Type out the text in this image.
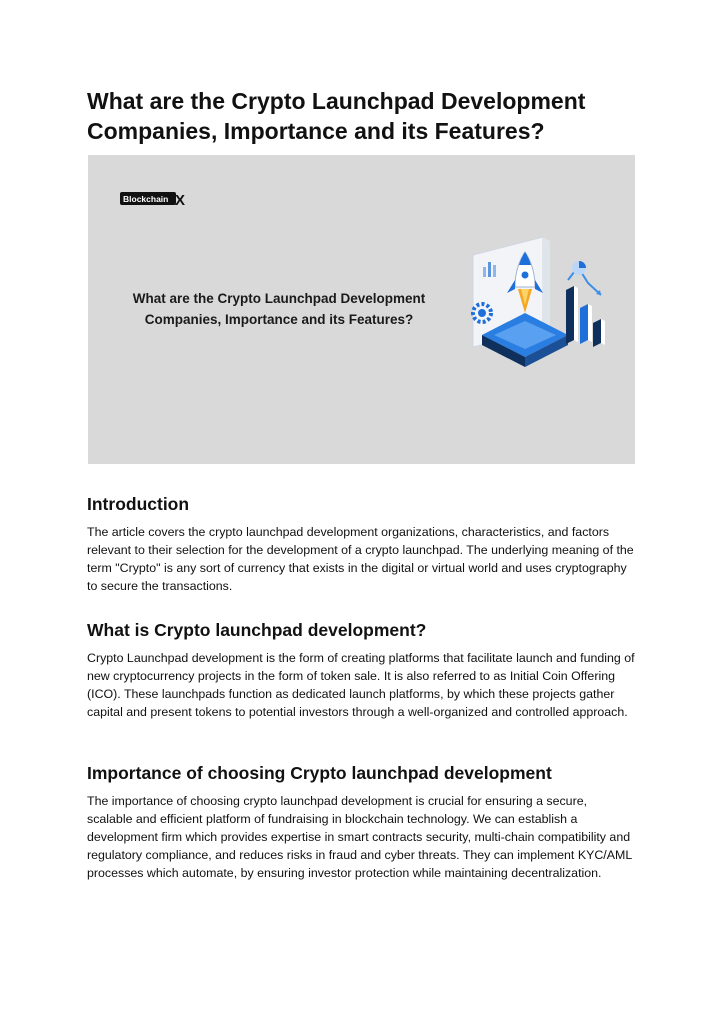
What are the Crypto Launchpad Development Companies, Importance and its Features?
Blockchain X

What are the Crypto Launchpad Development Companies, Importance and its Features?

Introduction

The article covers the crypto launchpad development organizations, characteristics, and factors relevant to their selection for the development of a crypto launchpad. The underlying meaning of the term "Crypto" is any sort of currency that exists in the digital or virtual world and uses cryptography to secure the transactions.

What is Crypto launchpad development?

Crypto Launchpad development is the form of creating platforms that facilitate launch and funding of new cryptocurrency projects in the form of token sale. It is also referred to as Initial Coin Offering (ICO). These launchpads function as dedicated launch platforms, by which these projects gather capital and present tokens to potential investors through a well-organized and controlled approach.

Importance of choosing Crypto launchpad development

The importance of choosing crypto launchpad development is crucial for ensuring a secure, scalable and efficient platform of fundraising in blockchain technology. We can establish a development firm which provides expertise in smart contracts security, multi-chain compatibility and regulatory compliance, and reduces risks in fraud and cyber threats. They can implement KYC/AML processes which automate, by ensuring investor protection while maintaining decentralization.
